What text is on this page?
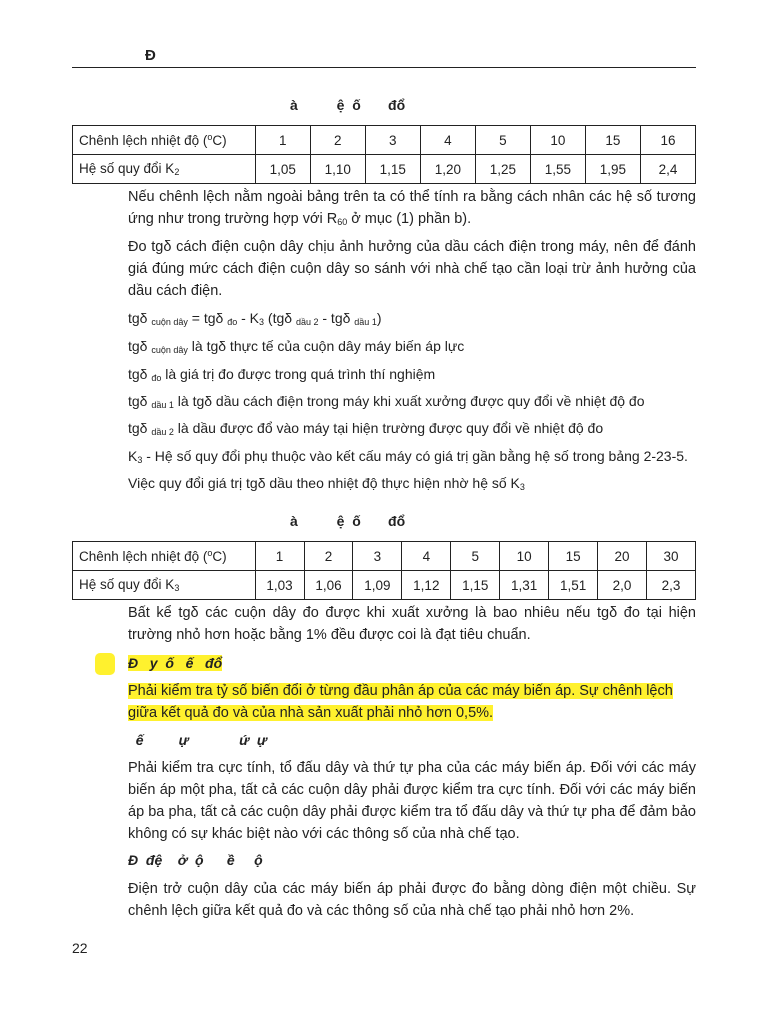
Đ
à          ệ  ố       đổ
Chênh lệch nhiệt độ ($^o$C)	1	2	3	4	5	10	15	16
Hệ số quy đổi $K_2$	1,05	1,10	1,15	1,20	1,25	1,55	1,95	2,4
Nếu chênh lệch nằm ngoài bảng trên ta có thể tính ra bằng cách nhân các hệ số tương ứng như trong trường hợp với $R_{60}$ ở mục (1) phần b).
Đo tgδ cách điện cuộn dây chịu ảnh hưởng của dầu cách điện trong máy, nên để đánh giá đúng mức cách điện cuộn dây so sánh với nhà chế tạo cần loại trừ ảnh hưởng của dầu cách điện.
tgδ $_{cuộn dây}$ = tgδ $_{đo} - K_3$ (tgδ $_{dầu 2}$ - tgδ $_{dầu 1}$)
tgδ $_{cuộn dây}$ là tgδ thực tế của cuộn dây máy biến áp lực
tgδ $_{đo}$ là giá trị đo được trong quá trình thí nghiệm
tgδ $_{dầu 1}$ là tgδ dầu cách điện trong máy khi xuất xưởng được quy đổi về nhiệt độ đo
tgδ $_{dầu 2}$ là dầu được đổ vào máy tại hiện trường được quy đổi về nhiệt độ đo
$K_3$ - Hệ số quy đổi phụ thuộc vào kết cấu máy có giá trị gần bằng hệ số trong bảng 2-23-5.
Việc quy đổi giá trị tgδ dầu theo nhiệt độ thực hiện nhờ hệ số $K_3$
à          ệ  ố       đổ
Chênh lệch nhiệt độ ($^o$C)	1	2	3	4	5	10	15	20	30
Hệ số quy đổi $K_3$	1,03	1,06	1,09	1,12	1,15	1,31	1,51	2,0	2,3
Bất kể tgδ các cuộn dây đo được khi xuất xưởng là bao nhiêu nếu tgδ đo tại hiện trường nhỏ hơn hoặc bằng 1% đều được coi là đạt tiêu chuẩn.
Đ   y  ố   ế   đổ
Phải kiểm tra tỷ số biến đổi ở từng đầu phân áp của các máy biến áp. Sự chênh lệch
giữa kết quả đo và của nhà sản xuất phải nhỏ hơn 0,5%.
ế         ự             ứ  ự
Phải kiểm tra cực tính, tổ đấu dây và thứ tự pha của các máy biến áp. Đối với các máy biến áp một pha, tất cả các cuộn dây phải được kiểm tra cực tính. Đối với các máy biến áp ba pha, tất cả các cuộn dây phải được kiểm tra tổ đấu dây và thứ tự pha để đảm bảo không có sự khác biệt nào với các thông số của nhà chế tạo.
Đ  đệ    ở  ộ      ề     ộ
Điện trở cuộn dây của các máy biến áp phải được đo bằng dòng điện một chiều. Sự chênh lệch giữa kết quả đo và các thông số của nhà chế tạo phải nhỏ hơn 2%.
22
